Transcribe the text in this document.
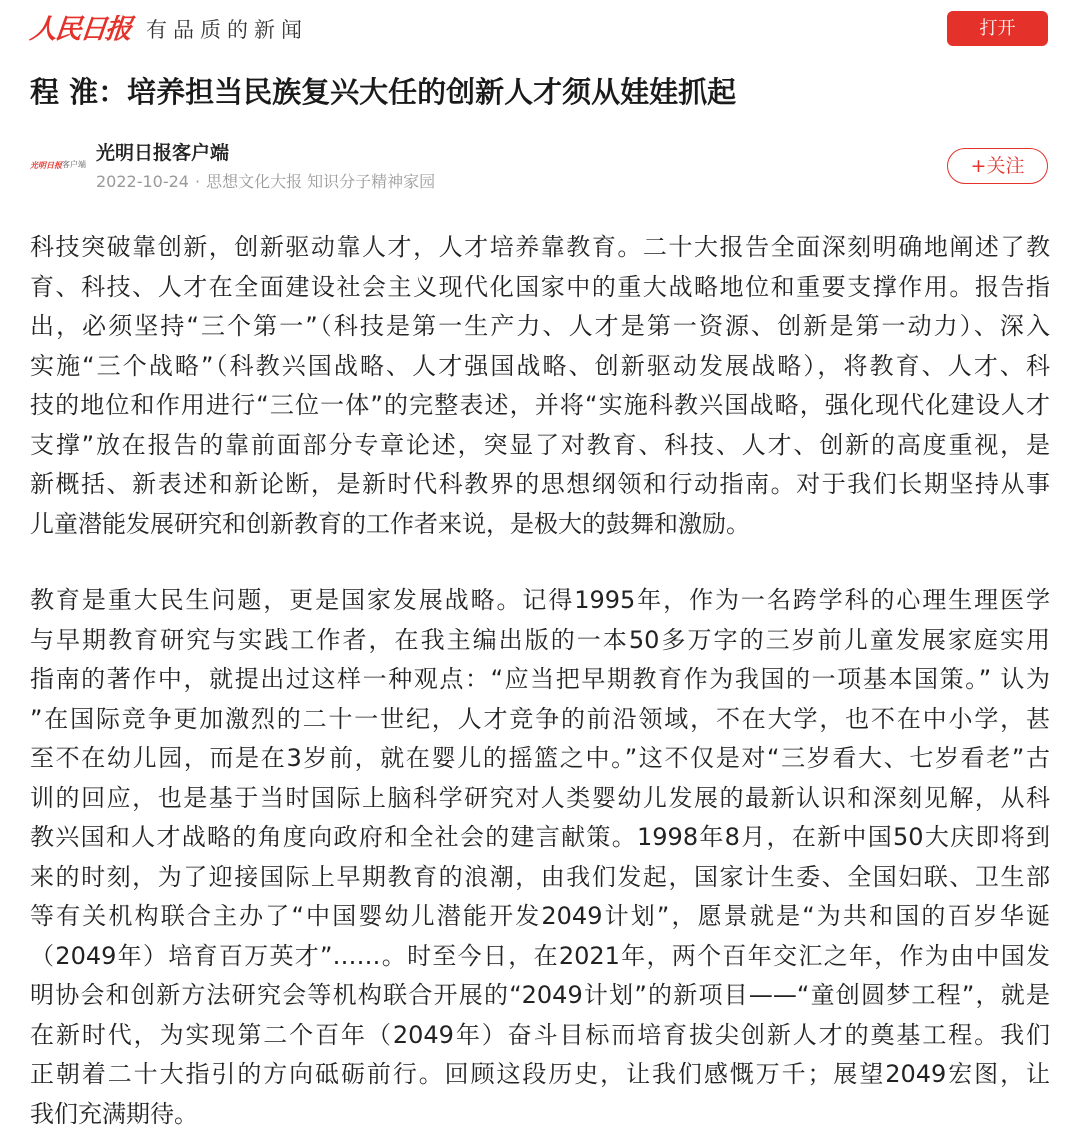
人民日报 有品质的新闻	打开
程 淮：培养担当民族复兴大任的创新人才须从娃娃抓起
光明日报 客户端
光明日报客户端
2022-10-24 · 思想文化大报 知识分子精神家园
+关注
科技突破靠创新，创新驱动靠人才，人才培养靠教育。二十大报告全面深刻明确地阐述了教
育、科技、人才在全面建设社会主义现代化国家中的重大战略地位和重要支撑作用。报告指
出，必须坚持“三个第一”（科技是第一生产力、人才是第一资源、创新是第一动力）、深入
实施“三个战略”（科教兴国战略、人才强国战略、创新驱动发展战略），将教育、人才、科
技的地位和作用进行“三位一体”的完整表述，并将“实施科教兴国战略，强化现代化建设人才
支撑”放在报告的靠前面部分专章论述，突显了对教育、科技、人才、创新的高度重视，是
新概括、新表述和新论断，是新时代科教界的思想纲领和行动指南。对于我们长期坚持从事
儿童潜能发展研究和创新教育的工作者来说，是极大的鼓舞和激励。
教育是重大民生问题，更是国家发展战略。记得1995年，作为一名跨学科的心理生理医学
与早期教育研究与实践工作者，在我主编出版的一本50多万字的三岁前儿童发展家庭实用
指南的著作中，就提出过这样一种观点：“应当把早期教育作为我国的一项基本国策。” 认为
”在国际竞争更加激烈的二十一世纪，人才竞争的前沿领域，不在大学，也不在中小学，甚
至不在幼儿园，而是在3岁前，就在婴儿的摇篮之中。”这不仅是对“三岁看大、七岁看老”古
训的回应，也是基于当时国际上脑科学研究对人类婴幼儿发展的最新认识和深刻见解，从科
教兴国和人才战略的角度向政府和全社会的建言献策。1998年8月，在新中国50大庆即将到
来的时刻，为了迎接国际上早期教育的浪潮，由我们发起，国家计生委、全国妇联、卫生部
等有关机构联合主办了“中国婴幼儿潜能开发2049计划”，愿景就是“为共和国的百岁华诞
（2049年）培育百万英才”……。时至今日，在2021年，两个百年交汇之年，作为由中国发
明协会和创新方法研究会等机构联合开展的“2049计划”的新项目——“童创圆梦工程”，就是
在新时代，为实现第二个百年（2049年）奋斗目标而培育拔尖创新人才的奠基工程。我们
正朝着二十大指引的方向砥砺前行。回顾这段历史，让我们感慨万千；展望2049宏图，让
我们充满期待。
